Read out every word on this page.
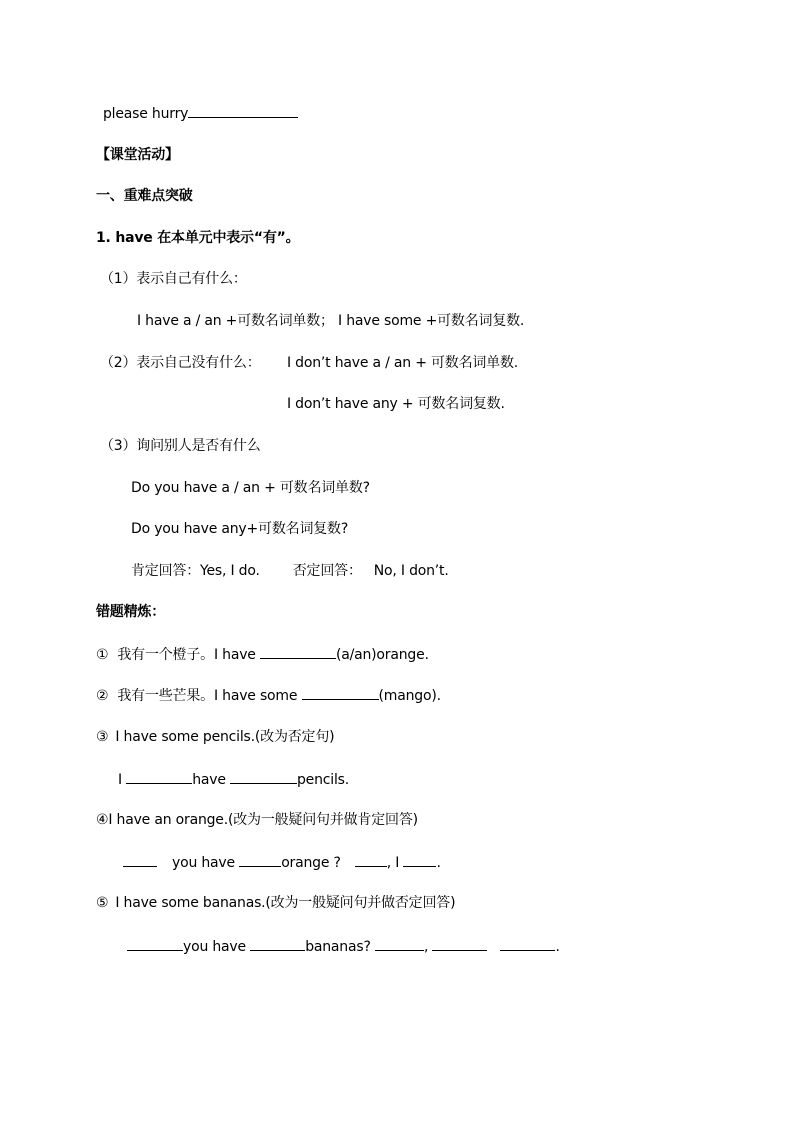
please hurry
【课堂活动】
一、重难点突破
1. have 在本单元中表示“有”。
（1）表示自己有什么：
I have a / an +可数名词单数； I have some +可数名词复数.
（2）表示自己没有什么： I don’t have a / an + 可数名词单数.
I don’t have any + 可数名词复数.
（3）询问别人是否有什么
Do you have a / an + 可数名词单数?
Do you have any+可数名词复数?
肯定回答：Yes, I do. 否定回答： No, I don’t.
错题精炼：
① 我有一个橙子。I have	(a/an)orange.
② 我有一些芒果。I have some	(mango).
③ I have some pencils.(改为否定句)
I	have	pencils.
④I have an orange.(改为一般疑问句并做肯定回答)
you have	orange ?	, I .
⑤ I have some bananas.(改为一般疑问句并做否定回答)
you have	bananas?	,	.
